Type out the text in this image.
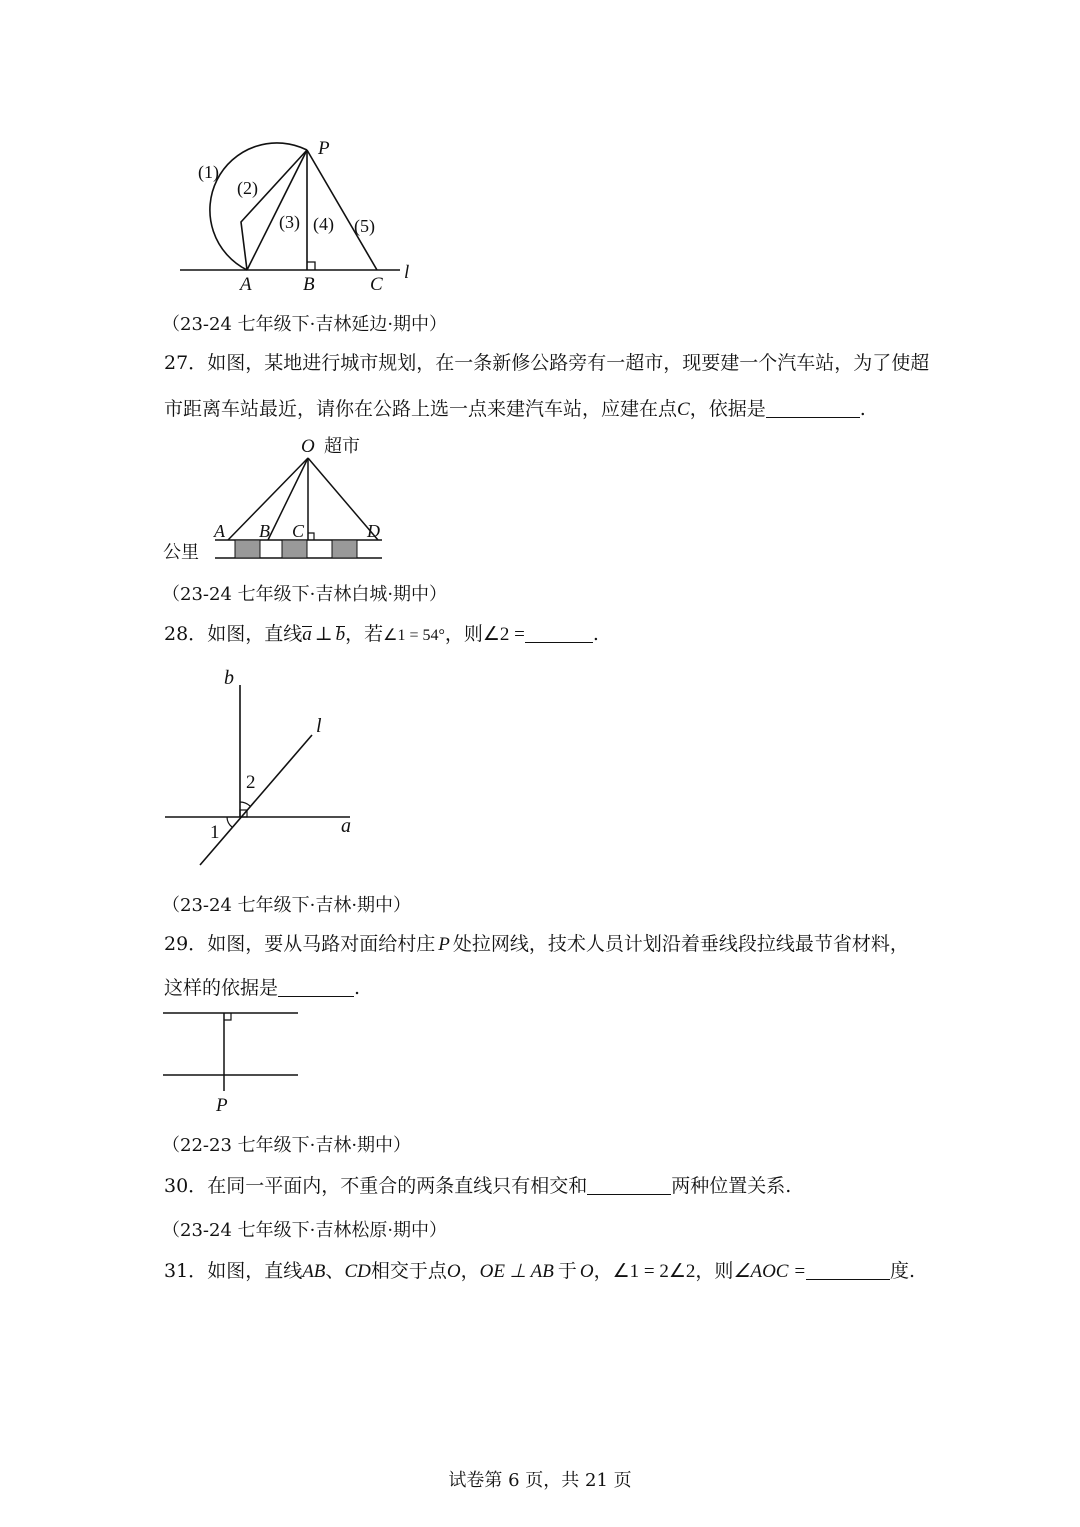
P
A	B	C
l
(1)
(2)
(3) (4) (5)
（23-24 七年级下·吉林延边·期中）
27．如图，某地进行城市规划，在一条新修公路旁有一超市，现要建一个汽车站，为了使超
市距离车站最近，请你在公路上选一点来建汽车站，应建在点C，依据是	.
O 超市
A B C	D
公里
（23-24 七年级下·吉林白城·期中）
28．如图，直线a ⊥ b，若∠1 = 54°，则∠2 =	.
b
l
a
2
1
（23-24 七年级下·吉林·期中）
29．如图，要从马路对面给村庄 P 处拉网线，技术人员计划沿着垂线段拉线最节省材料，
这样的依据是	.
P
（22-23 七年级下·吉林·期中）
30．在同一平面内，不重合的两条直线只有相交和	两种位置关系.
（23-24 七年级下·吉林松原·期中）
31．如图，直线AB、CD相交于点O，OE ⊥ AB 于 O，∠1 = 2∠2，则∠AOC =	度.
试卷第 6 页，共 21 页
